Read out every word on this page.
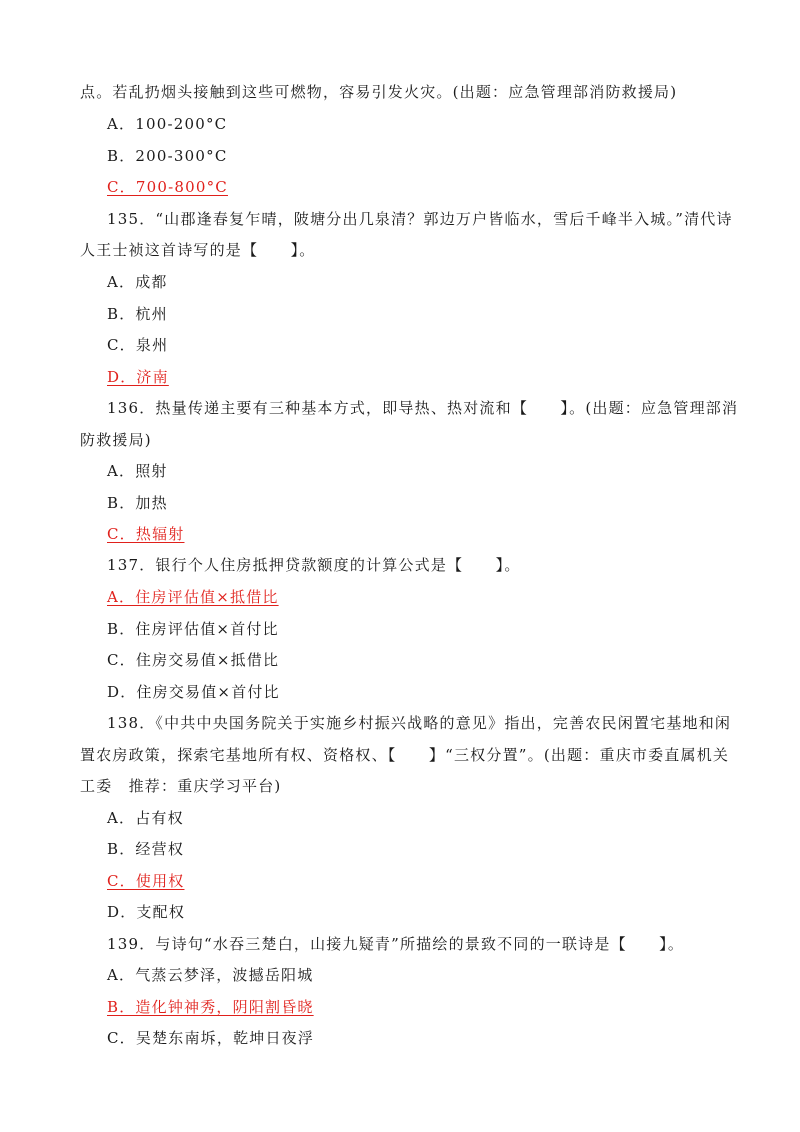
点。若乱扔烟头接触到这些可燃物，容易引发火灾。(出题：应急管理部消防救援局)
A．100-200°C
B．200-300°C
C．700-800°C
135．“山郡逢春复乍晴，陂塘分出几泉清？郭边万户皆临水，雪后千峰半入城。”清代诗
人王士祯这首诗写的是【　　】。
A．成都
B．杭州
C．泉州
D．济南
136．热量传递主要有三种基本方式，即导热、热对流和【　　】。(出题：应急管理部消
防救援局)
A．照射
B．加热
C．热辐射
137．银行个人住房抵押贷款额度的计算公式是【　　】。
A．住房评估值×抵借比
B．住房评估值×首付比
C．住房交易值×抵借比
D．住房交易值×首付比
138．《中共中央国务院关于实施乡村振兴战略的意见》指出，完善农民闲置宅基地和闲
置农房政策，探索宅基地所有权、资格权、【　　】“三权分置”。(出题：重庆市委直属机关
工委　推荐：重庆学习平台)
A．占有权
B．经营权
C．使用权
D．支配权
139．与诗句“水吞三楚白，山接九疑青”所描绘的景致不同的一联诗是【　　】。
A．气蒸云梦泽，波撼岳阳城
B．造化钟神秀，阴阳割昏晓
C．吴楚东南坼，乾坤日夜浮
